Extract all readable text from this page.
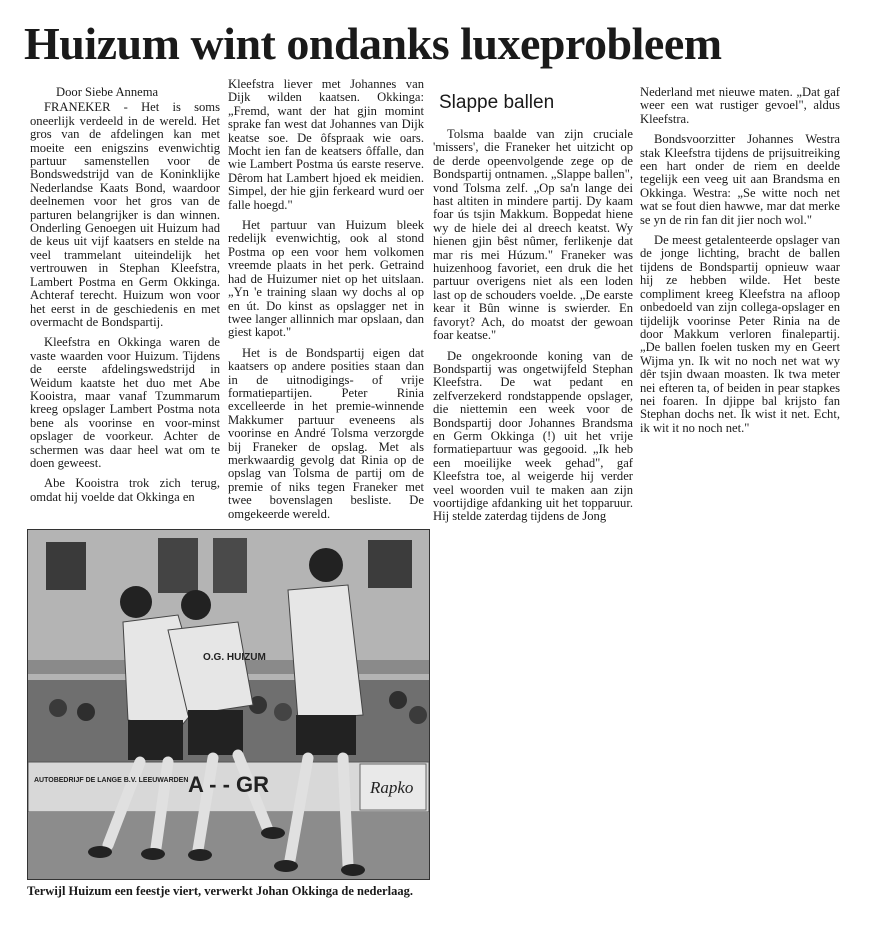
Huizum wint ondanks luxeprobleem

Door Siebe Annema

FRANEKER - Het is soms oneerlijk verdeeld in de wereld. Het gros van de afdelingen kan met moeite een enigszins evenwichtig partuur samenstellen voor de Bondswedstrijd van de Koninklijke Nederlandse Kaats Bond, waardoor deelnemen voor het gros van de parturen belangrijker is dan winnen. Onderling Genoegen uit Huizum had de keus uit vijf kaatsers en stelde na veel trammelant uiteindelijk het vertrouwen in Stephan Kleefstra, Lambert Postma en Germ Okkinga. Achteraf terecht. Huizum won voor het eerst in de geschiedenis en met overmacht de Bondspartij.

Kleefstra en Okkinga waren de vaste waarden voor Huizum. Tijdens de eerste afdelingswedstrijd in Weidum kaatste het duo met Abe Kooistra, maar vanaf Tzummarum kreeg opslager Lambert Postma nota bene als voorinse en voor-minst opslager de voorkeur. Achter de schermen was daar heel wat om te doen geweest.

Abe Kooistra trok zich terug, omdat hij voelde dat Okkinga en

Kleefstra liever met Johannes van Dijk wilden kaatsen. Okkinga: „Fremd, want der hat gjin momint sprake fan west dat Johannes van Dijk keatse soe. De ôfspraak wie oars. Mocht ien fan de keatsers ôffalle, dan wie Lambert Postma ús earste reserve. Dêrom hat Lambert hjoed ek meidien. Simpel, der hie gjin ferkeard wurd oer falle hoegd."

Het partuur van Huizum bleek redelijk evenwichtig, ook al stond Postma op een voor hem volkomen vreemde plaats in het perk. Getraind had de Huizumer niet op het uitslaan. „Yn 'e training slaan wy dochs al op en út. Do kinst as opslagger net in twee langer allinnich mar opslaan, dan giest kapot."

Het is de Bondspartij eigen dat kaatsers op andere posities staan dan in de uitnodigings- of vrije formatiepartijen. Peter Rinia excelleerde in het premie-winnende Makkumer partuur eveneens als voorinse en André Tolsma verzorgde bij Franeker de opslag. Met als merkwaardig gevolg dat Rinia op de opslag van Tolsma de partij om de premie of niks tegen Franeker met twee bovenslagen besliste. De omgekeerde wereld.

Slappe ballen

Tolsma baalde van zijn cruciale 'missers', die Franeker het uitzicht op de derde opeenvolgende zege op de Bondspartij ontnamen. „Slappe ballen", vond Tolsma zelf. „Op sa'n lange dei hast altiten in mindere partij. Dy kaam foar ús tsjin Makkum. Boppedat hiene wy de hiele dei al dreech keatst. Wy hienen gjin bêst nûmer, ferlikenje dat mar ris mei Húzum." Franeker was huizenhoog favoriet, een druk die het partuur overigens niet als een loden last op de schouders voelde. „De earste kear it Bûn winne is swierder. En favoryt? Ach, do moatst der gewoan foar keatse."

De ongekroonde koning van de Bondspartij was ongetwijfeld Stephan Kleefstra. De wat pedant en zelfverzekerd rondstappende opslager, die niettemin een week voor de Bondspartij door Johannes Brandsma en Germ Okkinga (!) uit het vrije formatiepartuur was gegooid. „Ik heb een moeilijke week gehad", gaf Kleefstra toe, al weigerde hij verder veel woorden vuil te maken aan zijn voortijdige afdanking uit het topparuur. Hij stelde zaterdag tijdens de Jong

Nederland met nieuwe maten. „Dat gaf weer een wat rustiger gevoel", aldus Kleefstra.

Bondsvoorzitter Johannes Westra stak Kleefstra tijdens de prijsuitreiking een hart onder de riem en deelde tegelijk een veeg uit aan Brandsma en Okkinga. Westra: „Se witte noch net wat se fout dien hawwe, mar dat merke se yn de rin fan dit jier noch wol."

De meest getalenteerde opslager van de jonge lichting, bracht de ballen tijdens de Bondspartij opnieuw waar hij ze hebben wilde. Het beste compliment kreeg Kleefstra na afloop onbedoeld van zijn collega-opslager en tijdelijk voorinse Peter Rinia na de door Makkum verloren finalepartij. „De ballen foelen tusken my en Geert Wijma yn. Ik wit no noch net wat wy dêr tsjin dwaan moasten. Ik twa meter nei efteren ta, of beiden in pear stapkes nei foaren. In djippe bal krijsto fan Stephan dochs net. Ik wist it net. Echt, ik wit it no noch net."

O.G. HUIZUM
AUTOBEDRIJF DE LANGE B.V. LEEUWARDEN A - - GR	Rapko
Terwijl Huizum een feestje viert, verwerkt Johan Okkinga de nederlaag.
